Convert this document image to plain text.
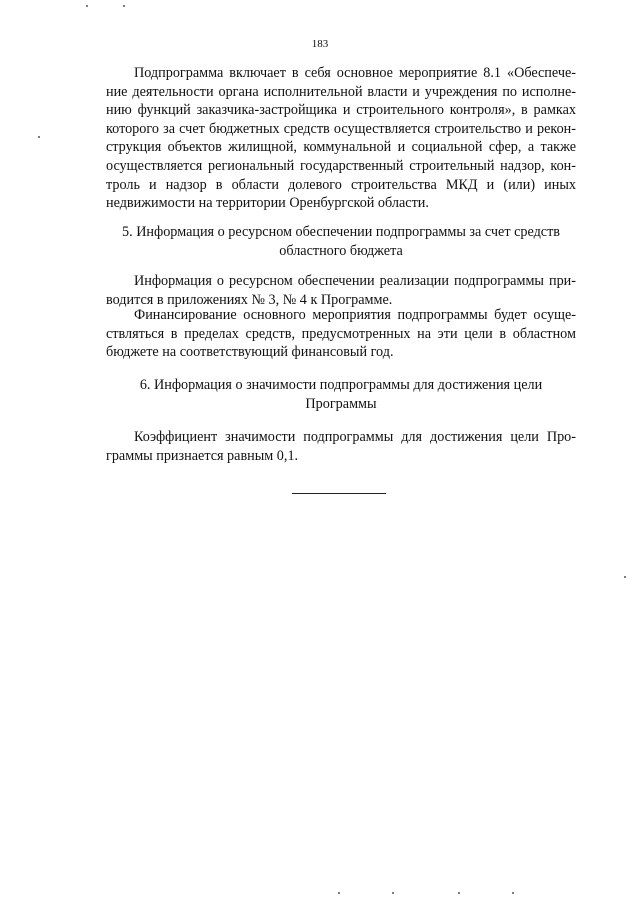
183
Подпрограмма включает в себя основное мероприятие 8.1 «Обеспече-
ние деятельности органа исполнительной власти и учреждения по исполне-
нию функций заказчика-застройщика и строительного контроля», в рамках
которого за счет бюджетных средств осуществляется строительство и рекон-
струкция объектов жилищной, коммунальной и социальной сфер, а также
осуществляется региональный государственный строительный надзор, кон-
троль и надзор в области долевого строительства МКД и (или) иных
недвижимости на территории Оренбургской области.
5. Информация о ресурсном обеспечении подпрограммы за счет средств
областного бюджета
Информация о ресурсном обеспечении реализации подпрограммы при-
водится в приложениях № 3, № 4 к Программе.
Финансирование основного мероприятия подпрограммы будет осуще-
ствляться в пределах средств, предусмотренных на эти цели в областном
бюджете на соответствующий финансовый год.
6. Информация о значимости подпрограммы для достижения цели
Программы
Коэффициент значимости подпрограммы для достижения цели Про-
граммы признается равным 0,1.
